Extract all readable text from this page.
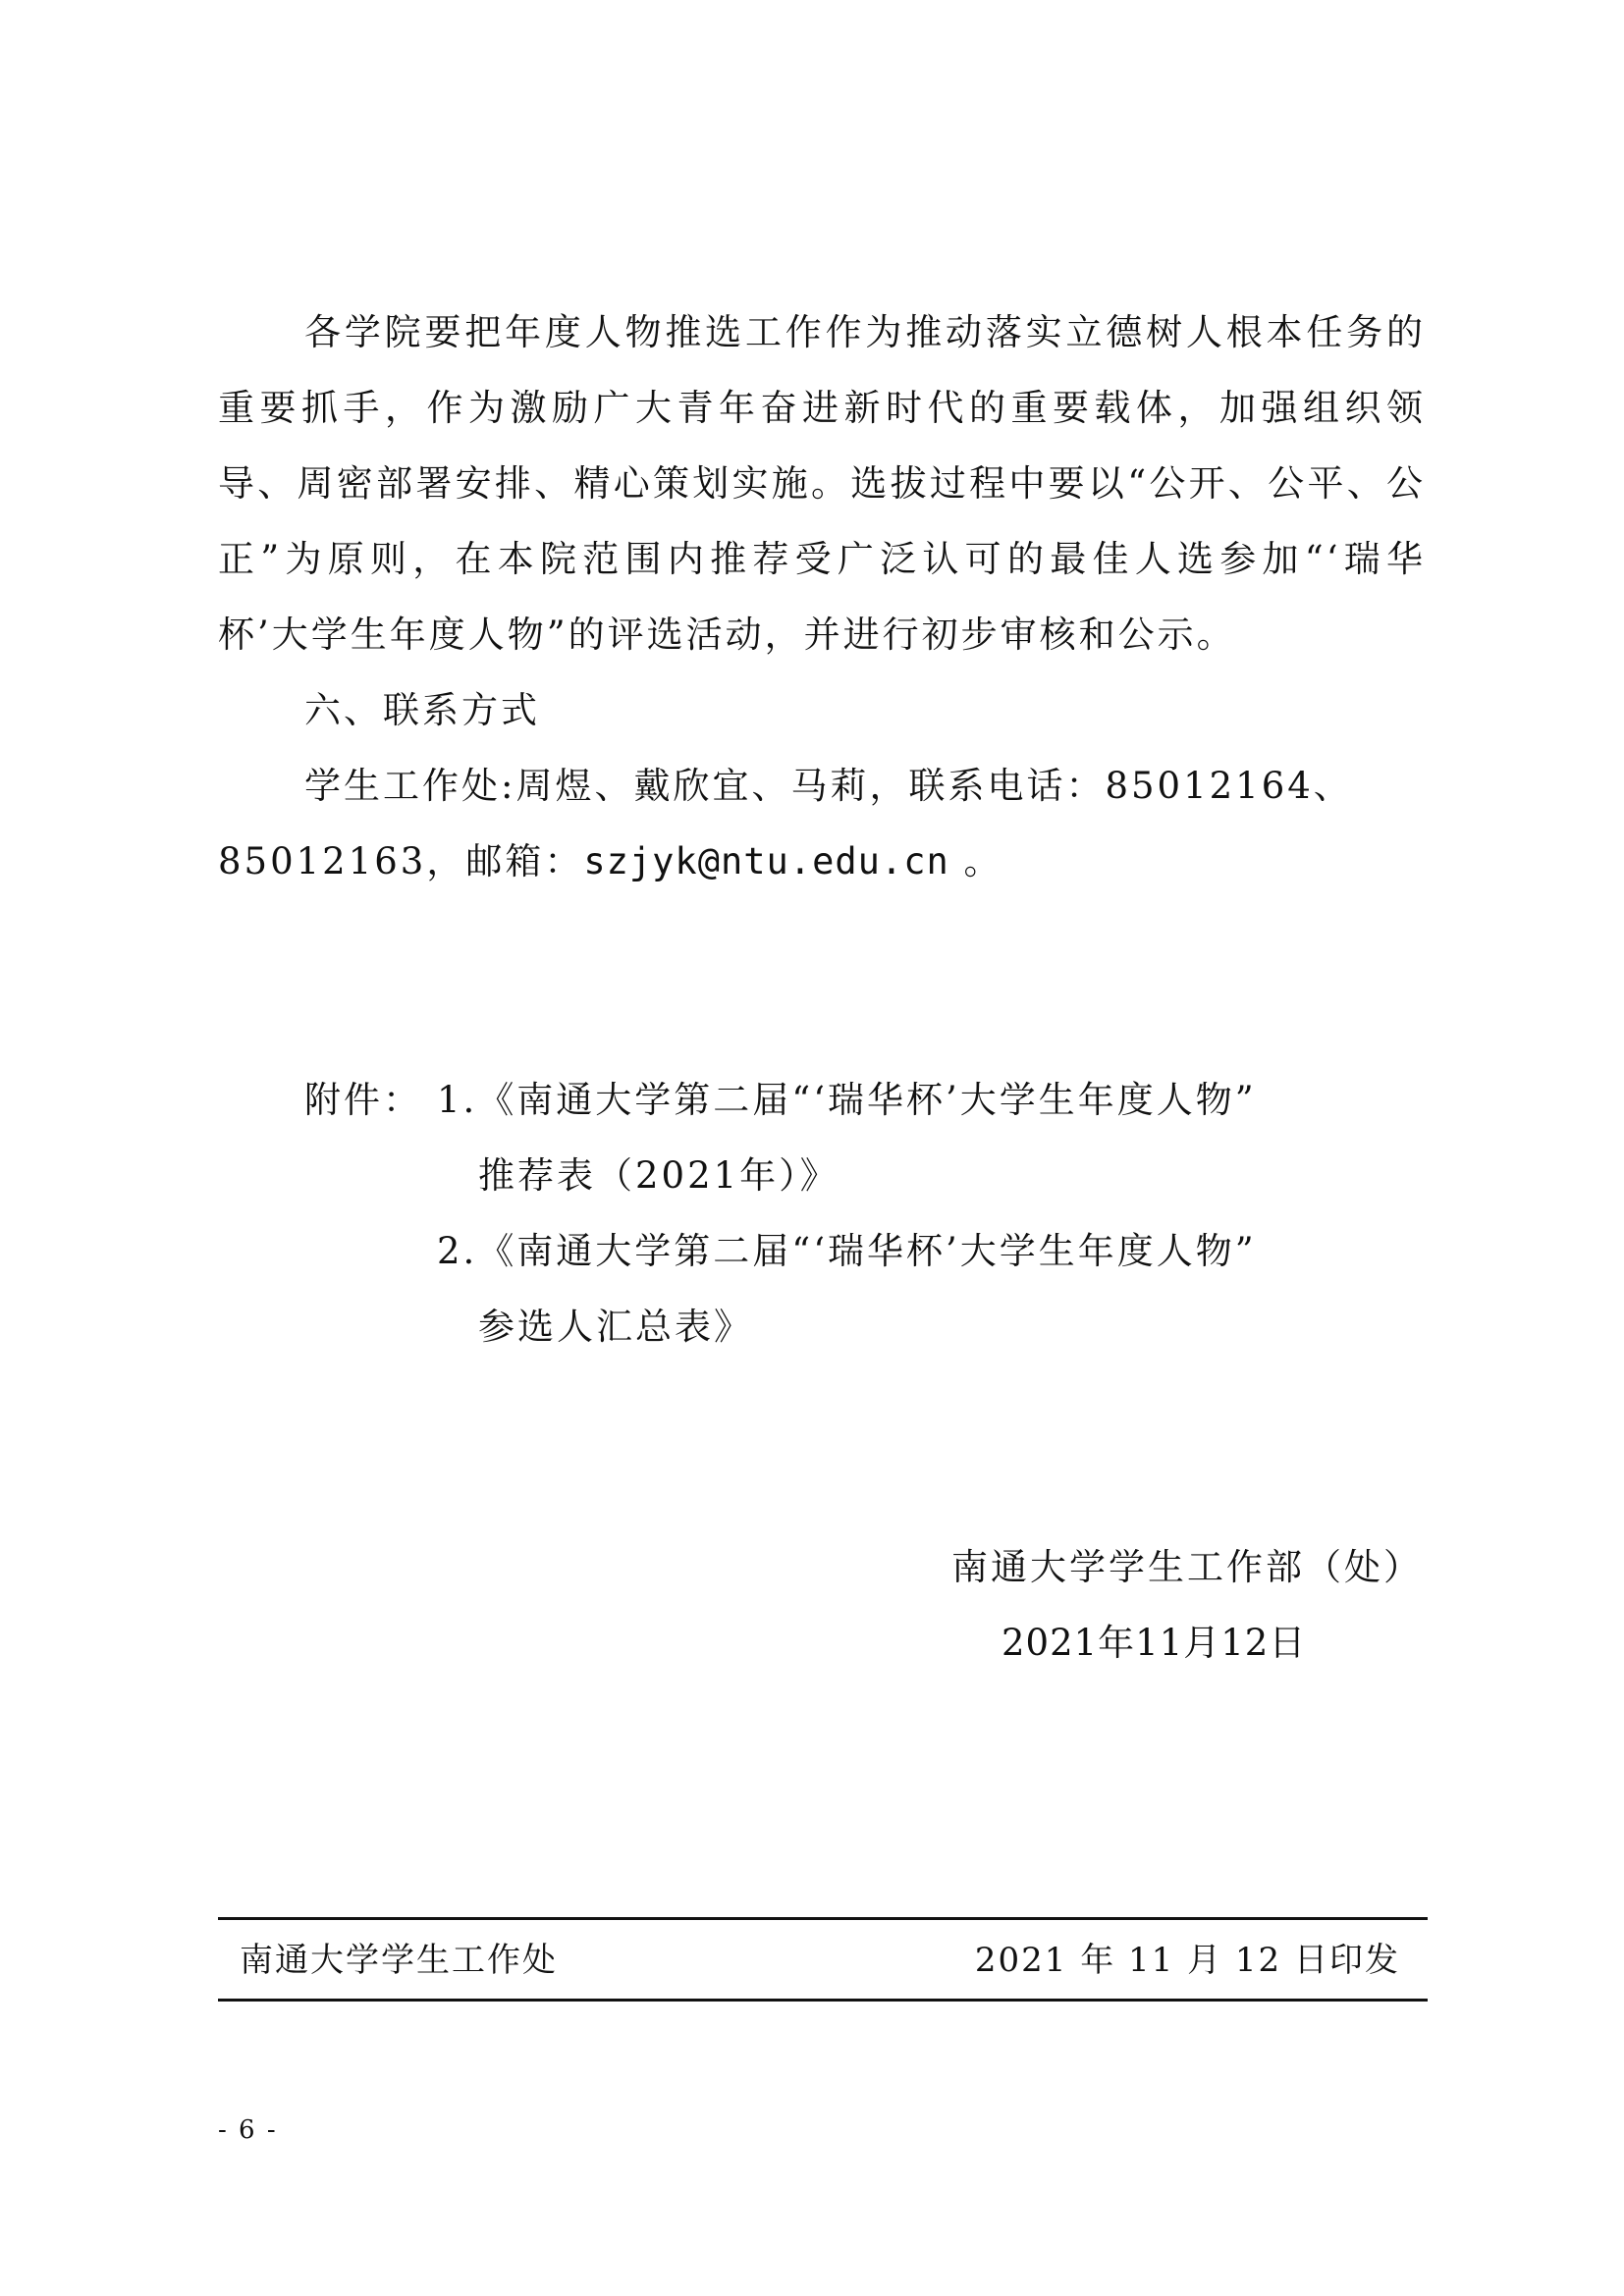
各学院要把年度人物推选工作作为推动落实立德树人根本任务的重要抓手，作为激励广大青年奋进新时代的重要载体，加强组织领导、周密部署安排、精心策划实施。选拔过程中要以“公开、公平、公正”为原则，在本院范围内推荐受广泛认可的最佳人选参加“‘瑞华杯’大学生年度人物”的评选活动，并进行初步审核和公示。

六、联系方式

学生工作处:周煜、戴欣宜、马莉，联系电话：85012164、85012163，邮箱：szjyk@ntu.edu.cn 。

附件： 1.《南通大学第二届“‘瑞华杯’大学生年度人物”
推荐表（2021年）》
2.《南通大学第二届“‘瑞华杯’大学生年度人物”
参选人汇总表》
南通大学学生工作部（处）
2021年11月12日
南通大学学生工作处	2021 年 11 月 12 日印发
- 6 -
